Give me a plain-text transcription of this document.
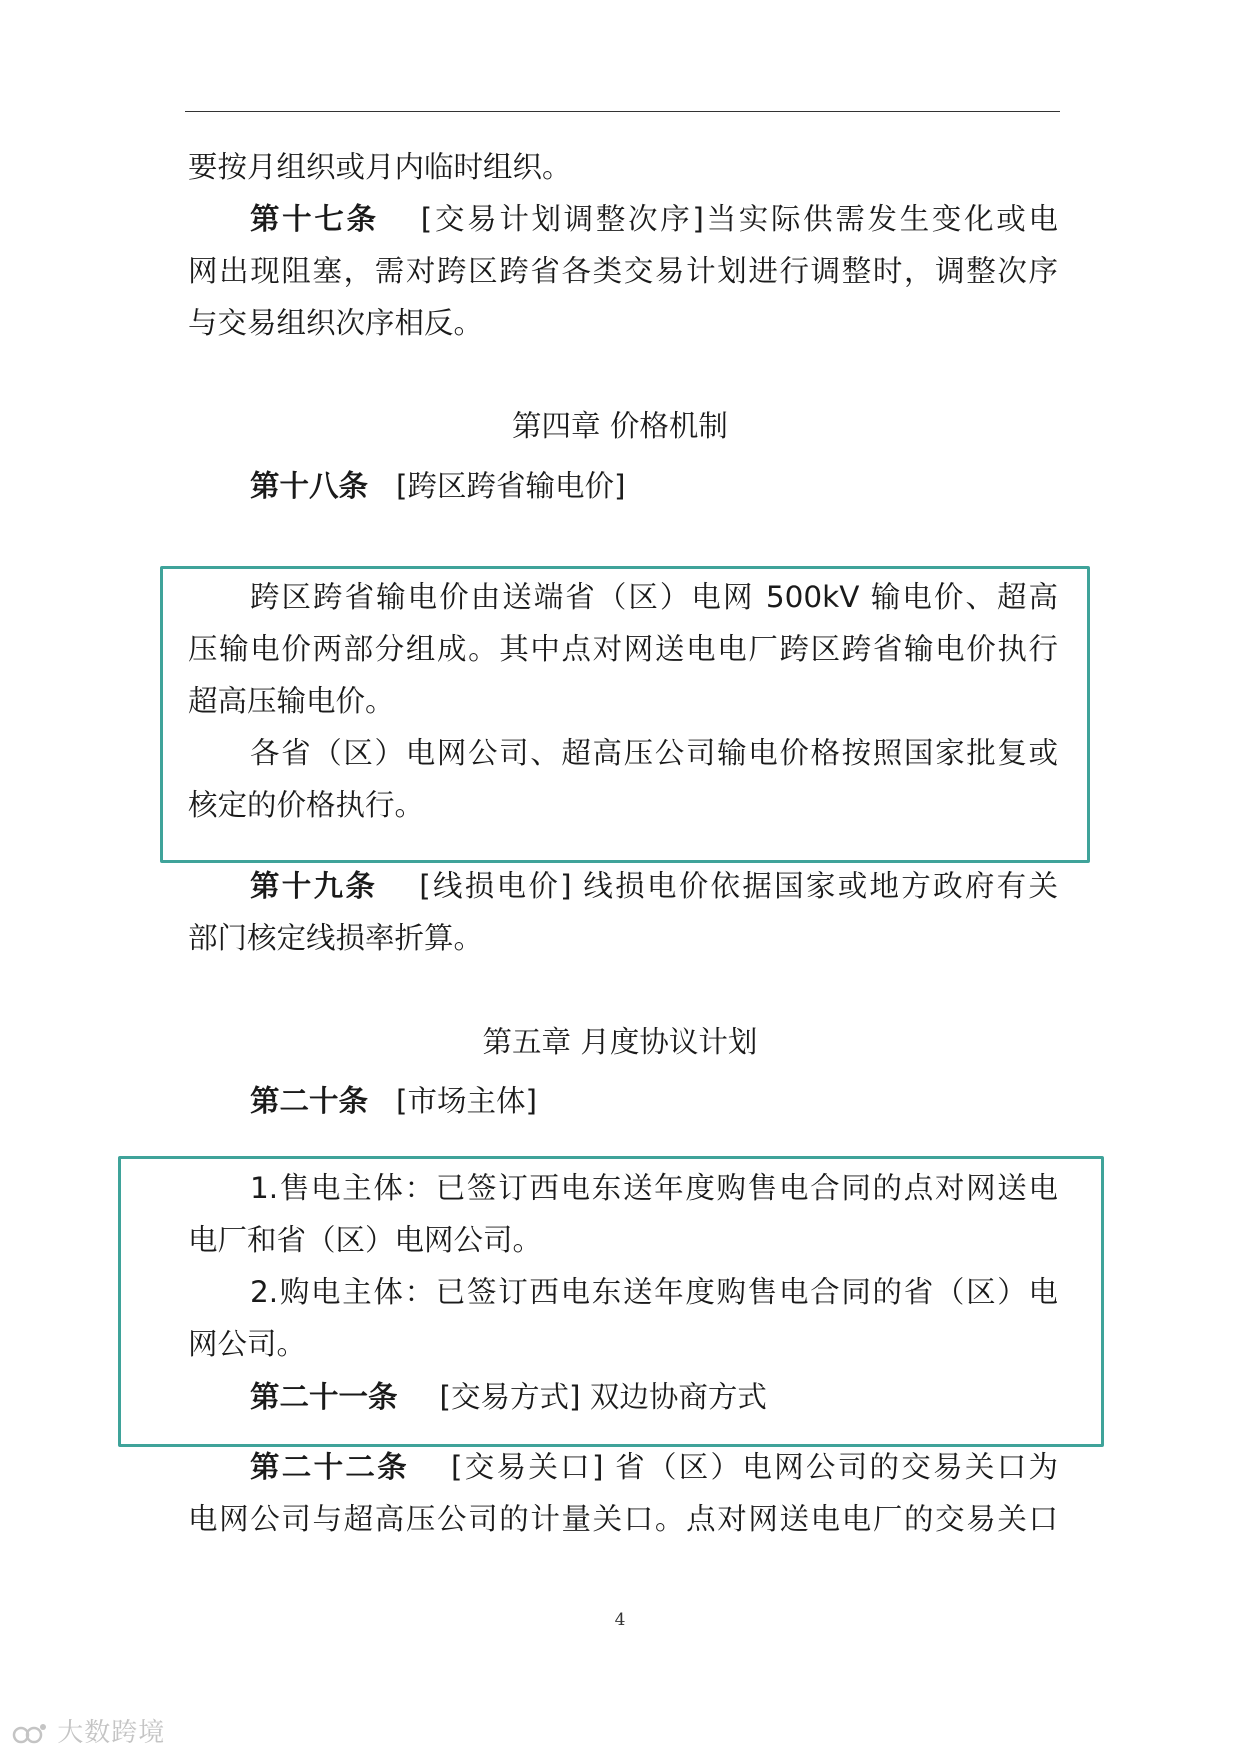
要按月组织或月内临时组织。
第十七条 [交易计划调整次序]当实际供需发生变化或电
网出现阻塞，需对跨区跨省各类交易计划进行调整时，调整次序
与交易组织次序相反。
第四章 价格机制
第十八条 [跨区跨省输电价]
跨区跨省输电价由送端省（区）电网 500kV 输电价、超高
压输电价两部分组成。其中点对网送电电厂跨区跨省输电价执行
超高压输电价。
各省（区）电网公司、超高压公司输电价格按照国家批复或
核定的价格执行。
第十九条 [线损电价] 线损电价依据国家或地方政府有关
部门核定线损率折算。
第五章 月度协议计划
第二十条 [市场主体]
1.售电主体：已签订西电东送年度购售电合同的点对网送电
电厂和省（区）电网公司。
2.购电主体：已签订西电东送年度购售电合同的省（区）电
网公司。
第二十一条 [交易方式] 双边协商方式
第二十二条 [交易关口] 省（区）电网公司的交易关口为
电网公司与超高压公司的计量关口。点对网送电电厂的交易关口
4
大数跨境
